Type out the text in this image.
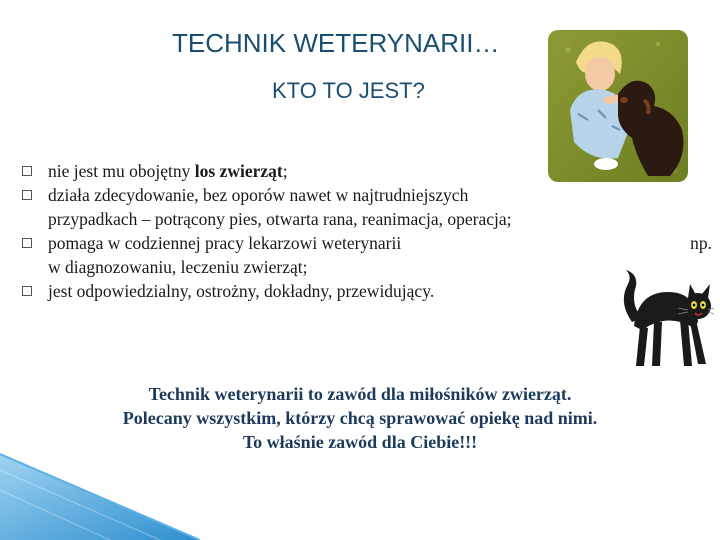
TECHNIK WETERYNARII…
KTO TO JEST?
nie jest mu obojętny los zwierząt;
działa zdecydowanie, bez oporów nawet w najtrudniejszych
przypadkach – potrącony pies, otwarta rana, reanimacja, operacja;
pomaga w codziennej pracy lekarzowi weterynarii	np.
w diagnozowaniu, leczeniu zwierząt;
jest odpowiedzialny, ostrożny, dokładny, przewidujący.
Technik weterynarii to zawód dla miłośników zwierząt.
Polecany wszystkim, którzy chcą sprawować opiekę nad nimi.
To właśnie zawód dla Ciebie!!!
